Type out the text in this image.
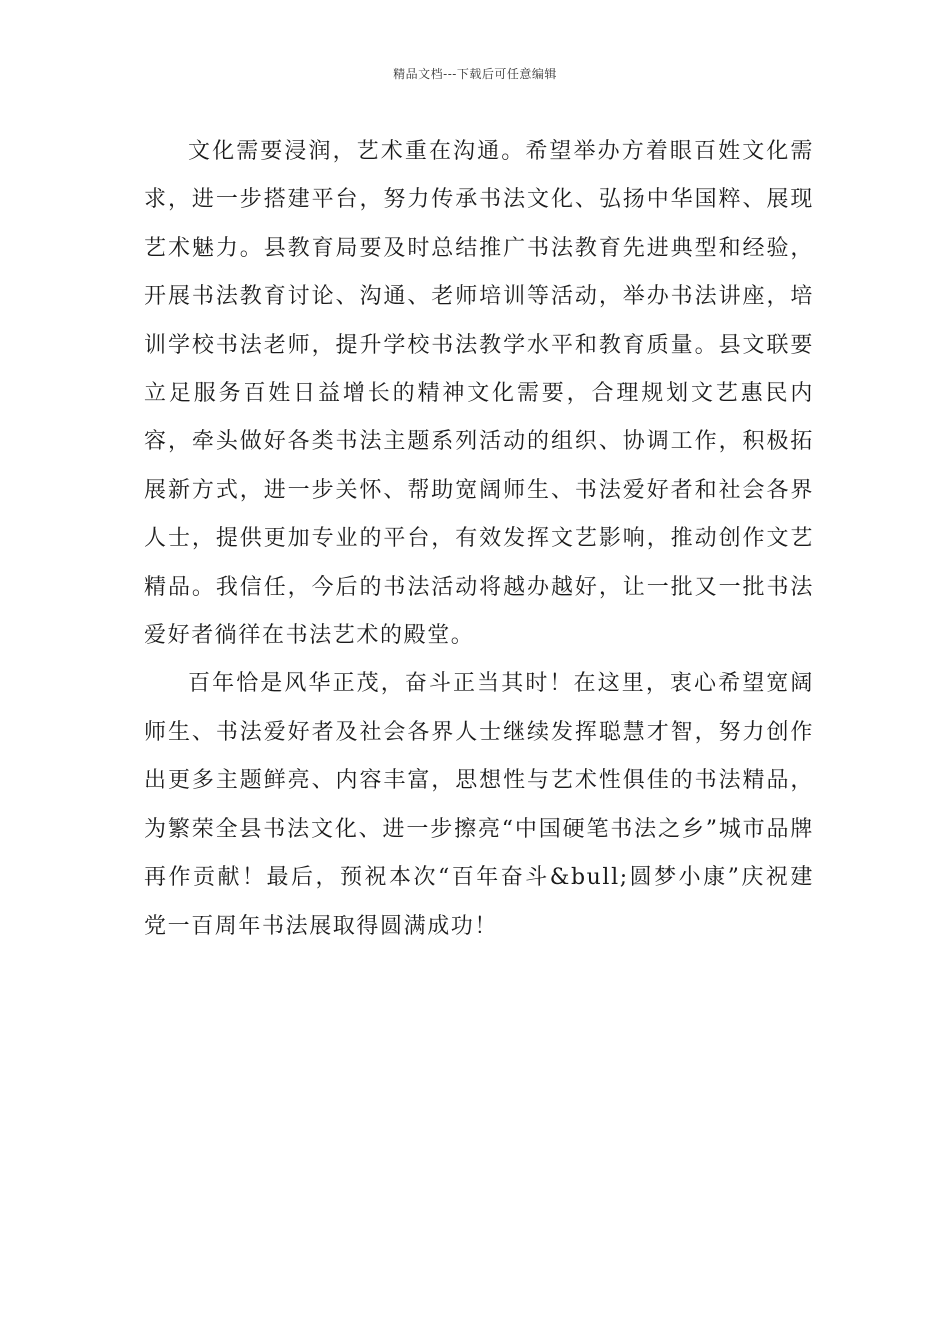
精品文档---下载后可任意编辑

文化需要浸润，艺术重在沟通。希望举办方着眼百姓文化需求，进一步搭建平台，努力传承书法文化、弘扬中华国粹、展现艺术魅力。县教育局要及时总结推广书法教育先进典型和经验，开展书法教育讨论、沟通、老师培训等活动，举办书法讲座，培训学校书法老师，提升学校书法教学水平和教育质量。县文联要立足服务百姓日益增长的精神文化需要，合理规划文艺惠民内容，牵头做好各类书法主题系列活动的组织、协调工作，积极拓展新方式，进一步关怀、帮助宽阔师生、书法爱好者和社会各界人士，提供更加专业的平台，有效发挥文艺影响，推动创作文艺精品。我信任，今后的书法活动将越办越好，让一批又一批书法爱好者徜徉在书法艺术的殿堂。

百年恰是风华正茂，奋斗正当其时！在这里，衷心希望宽阔师生、书法爱好者及社会各界人士继续发挥聪慧才智，努力创作出更多主题鲜亮、内容丰富，思想性与艺术性俱佳的书法精品，为繁荣全县书法文化、进一步擦亮“中国硬笔书法之乡”城市品牌再作贡献！最后，预祝本次“百年奋斗&bull;圆梦小康”庆祝建党一百周年书法展取得圆满成功！
